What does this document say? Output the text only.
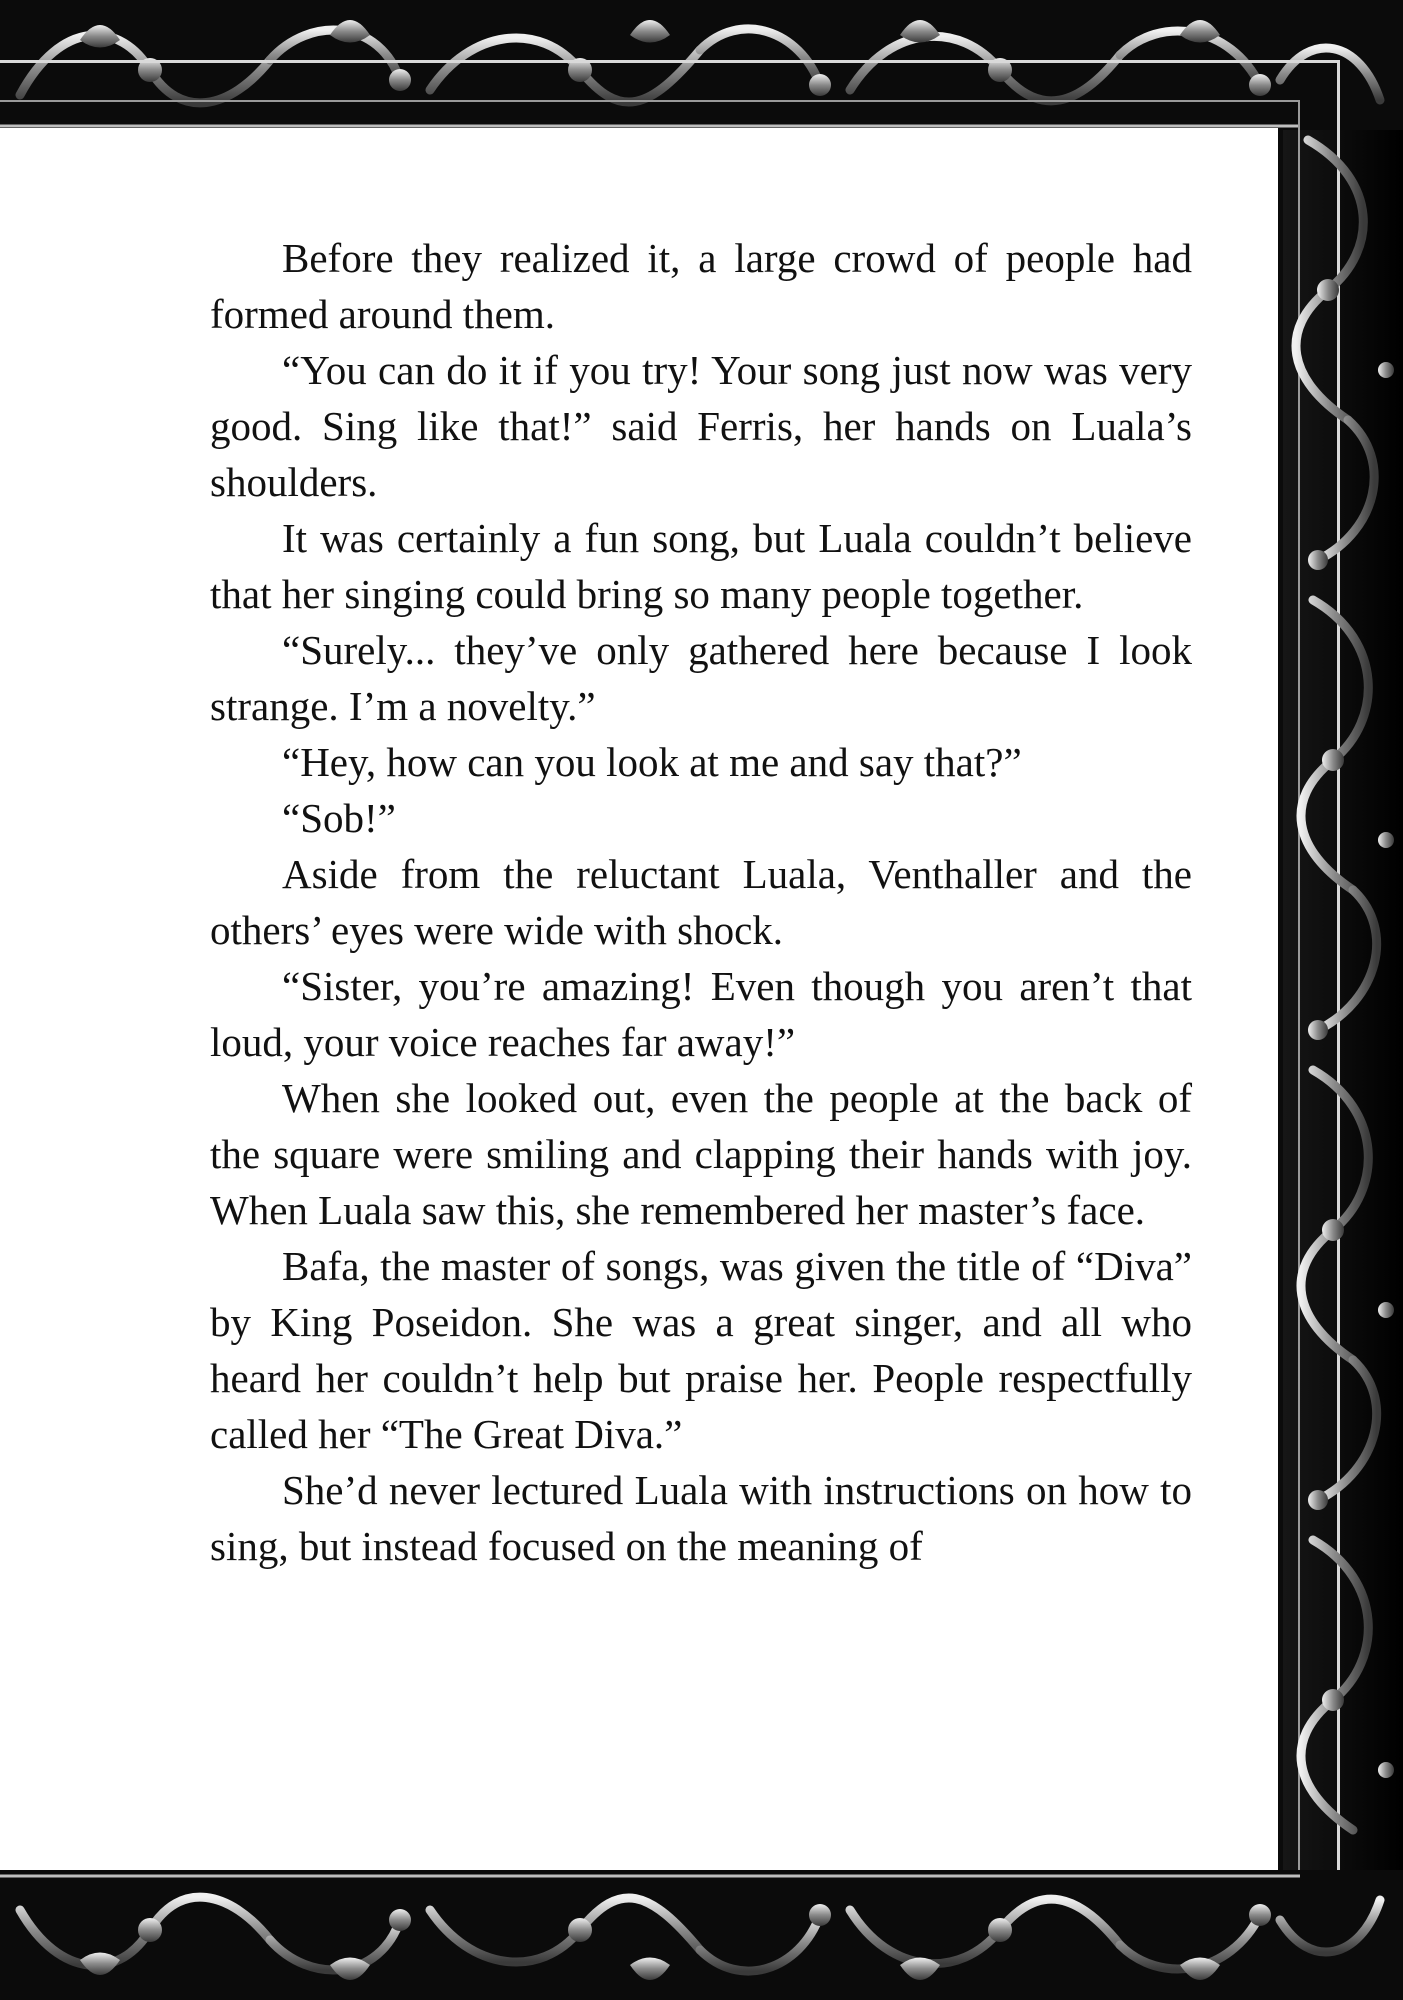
Before they realized it, a large crowd of people had formed around them.

“You can do it if you try! Your song just now was very good. Sing like that!” said Ferris, her hands on Luala’s shoulders.

It was certainly a fun song, but Luala couldn’t believe that her singing could bring so many people together.

“Surely... they’ve only gathered here because I look strange. I’m a novelty.”

“Hey, how can you look at me and say that?”

“Sob!”

Aside from the reluctant Luala, Venthaller and the others’ eyes were wide with shock.

“Sister, you’re amazing! Even though you aren’t that loud, your voice reaches far away!”

When she looked out, even the people at the back of the square were smiling and clapping their hands with joy. When Luala saw this, she remembered her master’s face.

Bafa, the master of songs, was given the title of “Diva” by King Poseidon. She was a great singer, and all who heard her couldn’t help but praise her. People respectfully called her “The Great Diva.”

She’d never lectured Luala with instructions on how to sing, but instead focused on the meaning of
